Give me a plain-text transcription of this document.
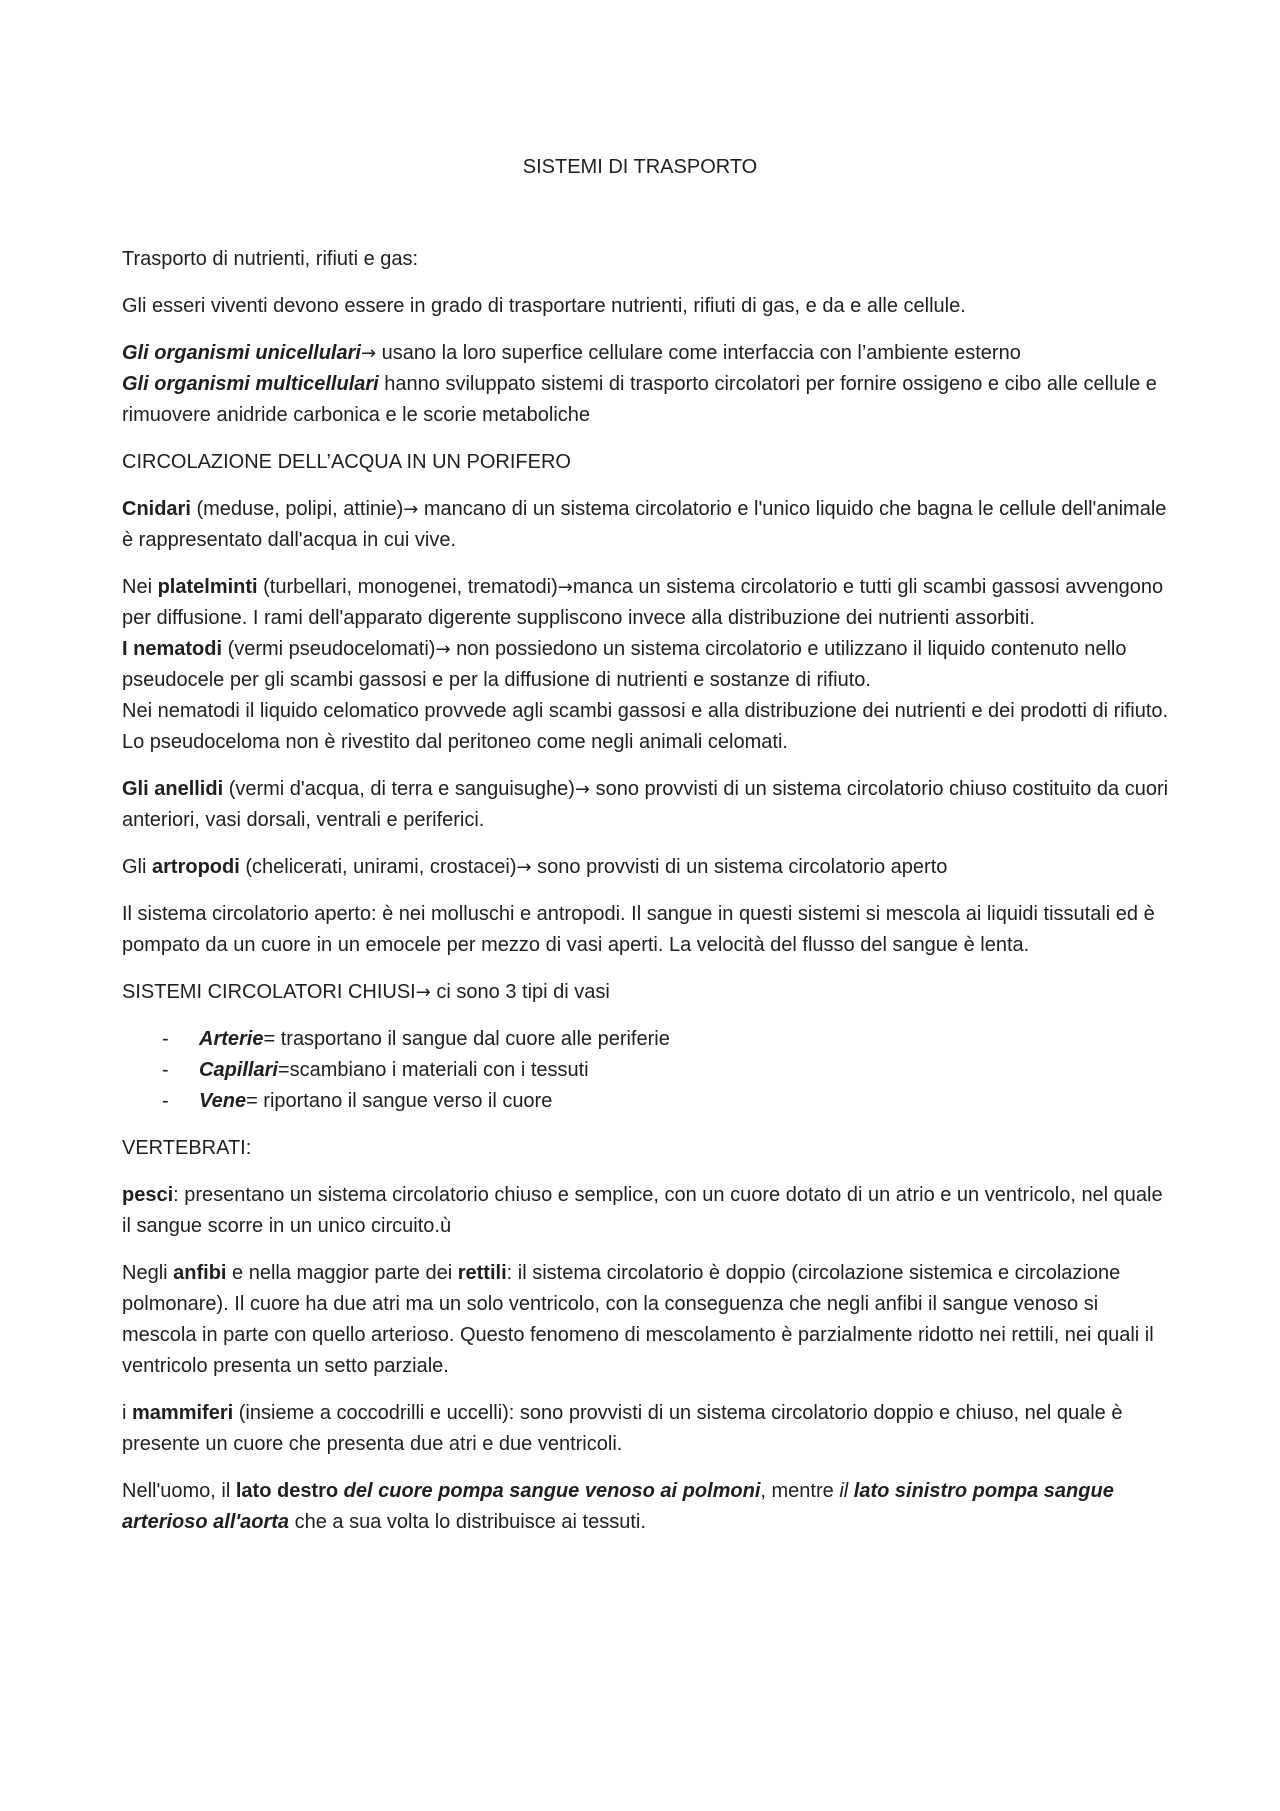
SISTEMI DI TRASPORTO

Trasporto di nutrienti, rifiuti e gas:

Gli esseri viventi devono essere in grado di trasportare nutrienti, rifiuti di gas, e da e alle cellule.

Gli organismi unicellulari→ usano la loro superfice cellulare come interfaccia con l’ambiente esterno
Gli organismi multicellulari hanno sviluppato sistemi di trasporto circolatori per fornire ossigeno e cibo alle cellule e rimuovere anidride carbonica e le scorie metaboliche

CIRCOLAZIONE DELL’ACQUA IN UN PORIFERO

Cnidari (meduse, polipi, attinie)→ mancano di un sistema circolatorio e l'unico liquido che bagna le cellule dell'animale è rappresentato dall'acqua in cui vive.

Nei platelminti (turbellari, monogenei, trematodi)→manca un sistema circolatorio e tutti gli scambi gassosi avvengono per diffusione. I rami dell'apparato digerente suppliscono invece alla distribuzione dei nutrienti assorbiti.

I nematodi (vermi pseudocelomati)→ non possiedono un sistema circolatorio e utilizzano il liquido contenuto nello pseudocele per gli scambi gassosi e per la diffusione di nutrienti e sostanze di rifiuto.

Nei nematodi il liquido celomatico provvede agli scambi gassosi e alla distribuzione dei nutrienti e dei prodotti di rifiuto. Lo pseudoceloma non è rivestito dal peritoneo come negli animali celomati.

Gli anellidi (vermi d'acqua, di terra e sanguisughe)→ sono provvisti di un sistema circolatorio chiuso costituito da cuori anteriori, vasi dorsali, ventrali e periferici.

Gli artropodi (chelicerati, unirami, crostacei)→ sono provvisti di un sistema circolatorio aperto

Il sistema circolatorio aperto: è nei molluschi e antropodi. Il sangue in questi sistemi si mescola ai liquidi tissutali ed è pompato da un cuore in un emocele per mezzo di vasi aperti. La velocità del flusso del sangue è lenta.

SISTEMI CIRCOLATORI CHIUSI→ ci sono 3 tipi di vasi

- Arterie= trasportano il sangue dal cuore alle periferie
- Capillari=scambiano i materiali con i tessuti
- Vene= riportano il sangue verso il cuore

VERTEBRATI:

pesci: presentano un sistema circolatorio chiuso e semplice, con un cuore dotato di un atrio e un ventricolo, nel quale il sangue scorre in un unico circuito.ù

Negli anfibi e nella maggior parte dei rettili: il sistema circolatorio è doppio (circolazione sistemica e circolazione polmonare). Il cuore ha due atri ma un solo ventricolo, con la conseguenza che negli anfibi il sangue venoso si mescola in parte con quello arterioso. Questo fenomeno di mescolamento è parzialmente ridotto nei rettili, nei quali il ventricolo presenta un setto parziale.

i mammiferi (insieme a coccodrilli e uccelli): sono provvisti di un sistema circolatorio doppio e chiuso, nel quale è presente un cuore che presenta due atri e due ventricoli.

Nell'uomo, il lato destro del cuore pompa sangue venoso ai polmoni, mentre il lato sinistro pompa sangue arterioso all'aorta che a sua volta lo distribuisce ai tessuti.
